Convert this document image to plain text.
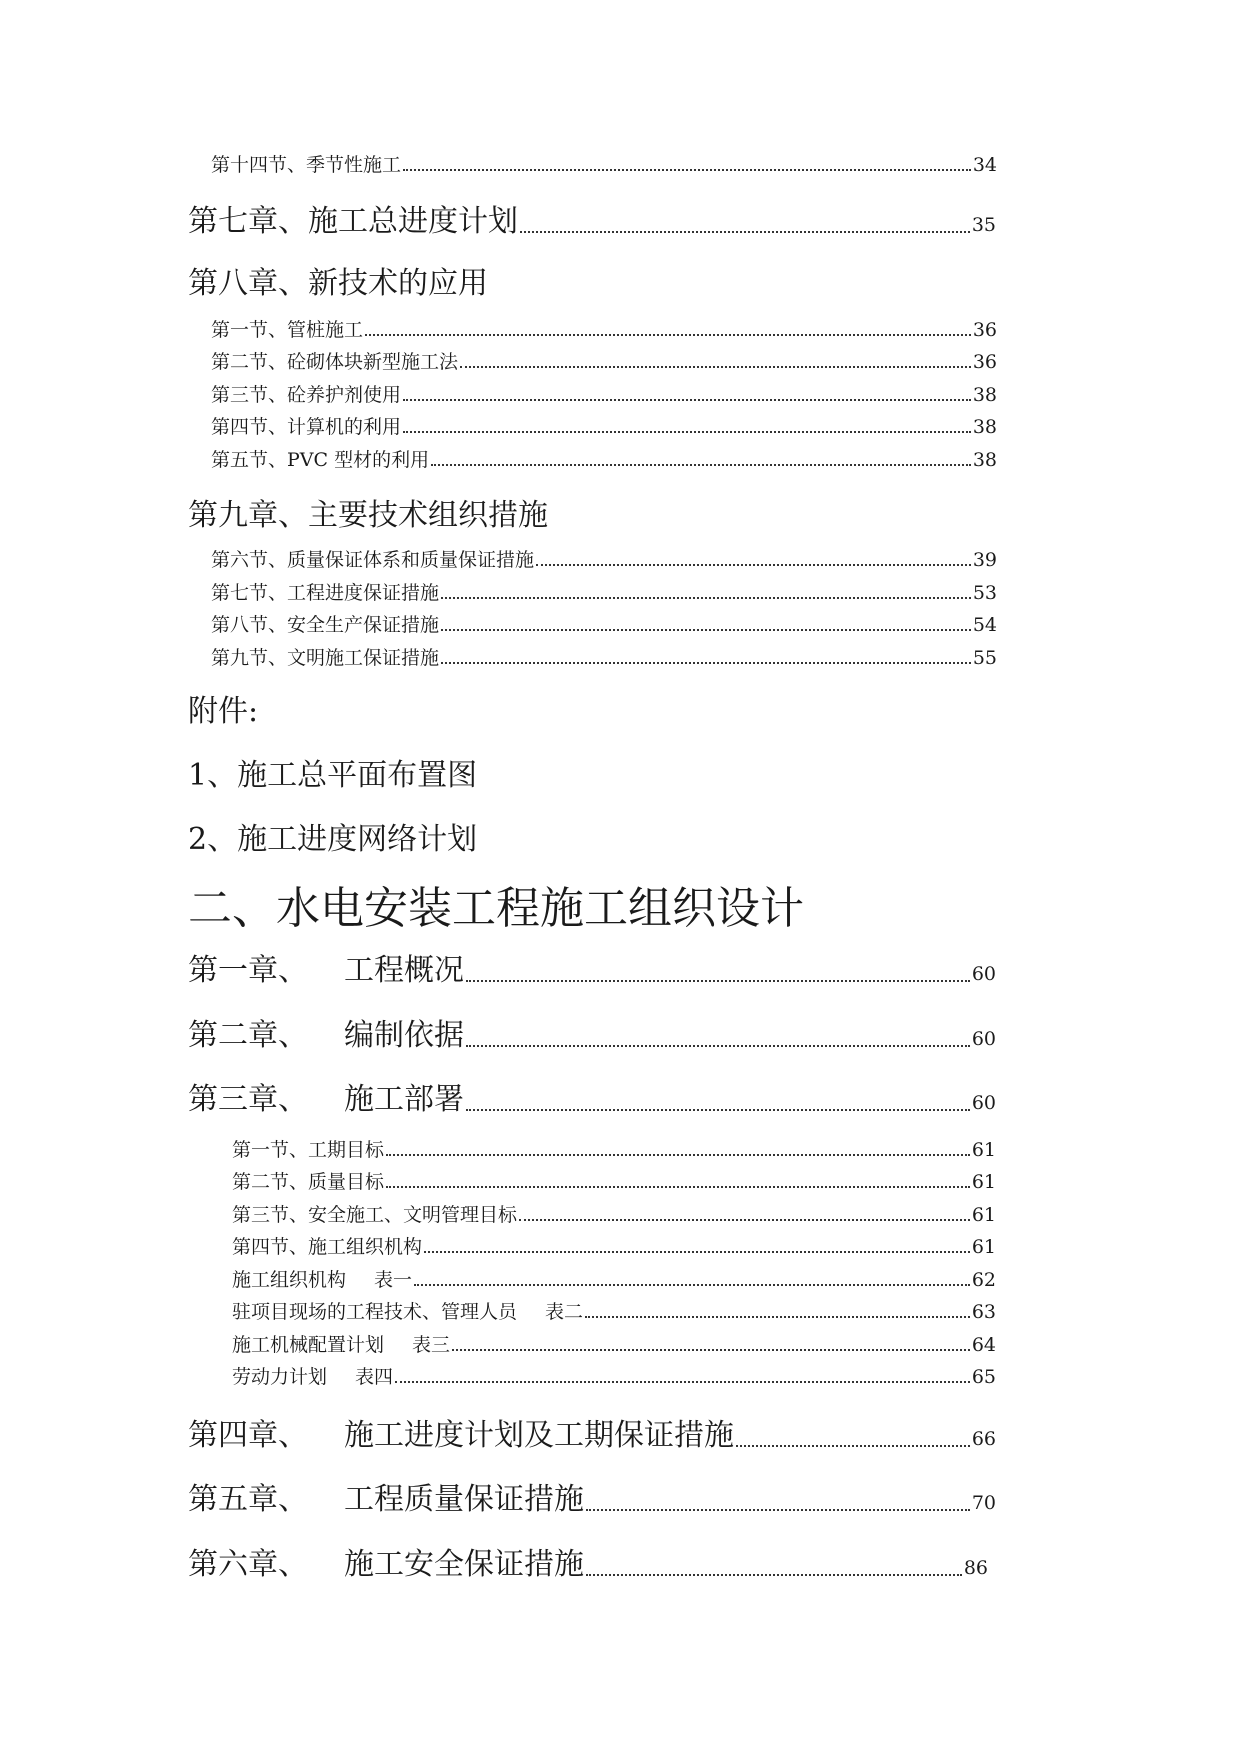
第十四节、季节性施工	34
第七章、施工总进度计划	35
第八章、新技术的应用
第一节、管桩施工	36
第二节、砼砌体块新型施工法	36
第三节、砼养护剂使用	38
第四节、计算机的利用	38
第五节、PVC 型材的利用	38
第九章、主要技术组织措施
第六节、质量保证体系和质量保证措施	39
第七节、工程进度保证措施	53
第八节、安全生产保证措施	54
第九节、文明施工保证措施	55
附件:
1、施工总平面布置图
2、施工进度网络计划
二、水电安装工程施工组织设计
第一章、 工程概况	60
第二章、 编制依据	60
第三章、 施工部署	60
第一节、工期目标	61
第二节、质量目标	61
第三节、安全施工、文明管理目标	61
第四节、施工组织机构	61
施工组织机构 表一	62
驻项目现场的工程技术、管理人员 表二	63
施工机械配置计划 表三	64
劳动力计划 表四	65
第四章、 施工进度计划及工期保证措施	66
第五章、 工程质量保证措施	70
第六章、 施工安全保证措施	86
